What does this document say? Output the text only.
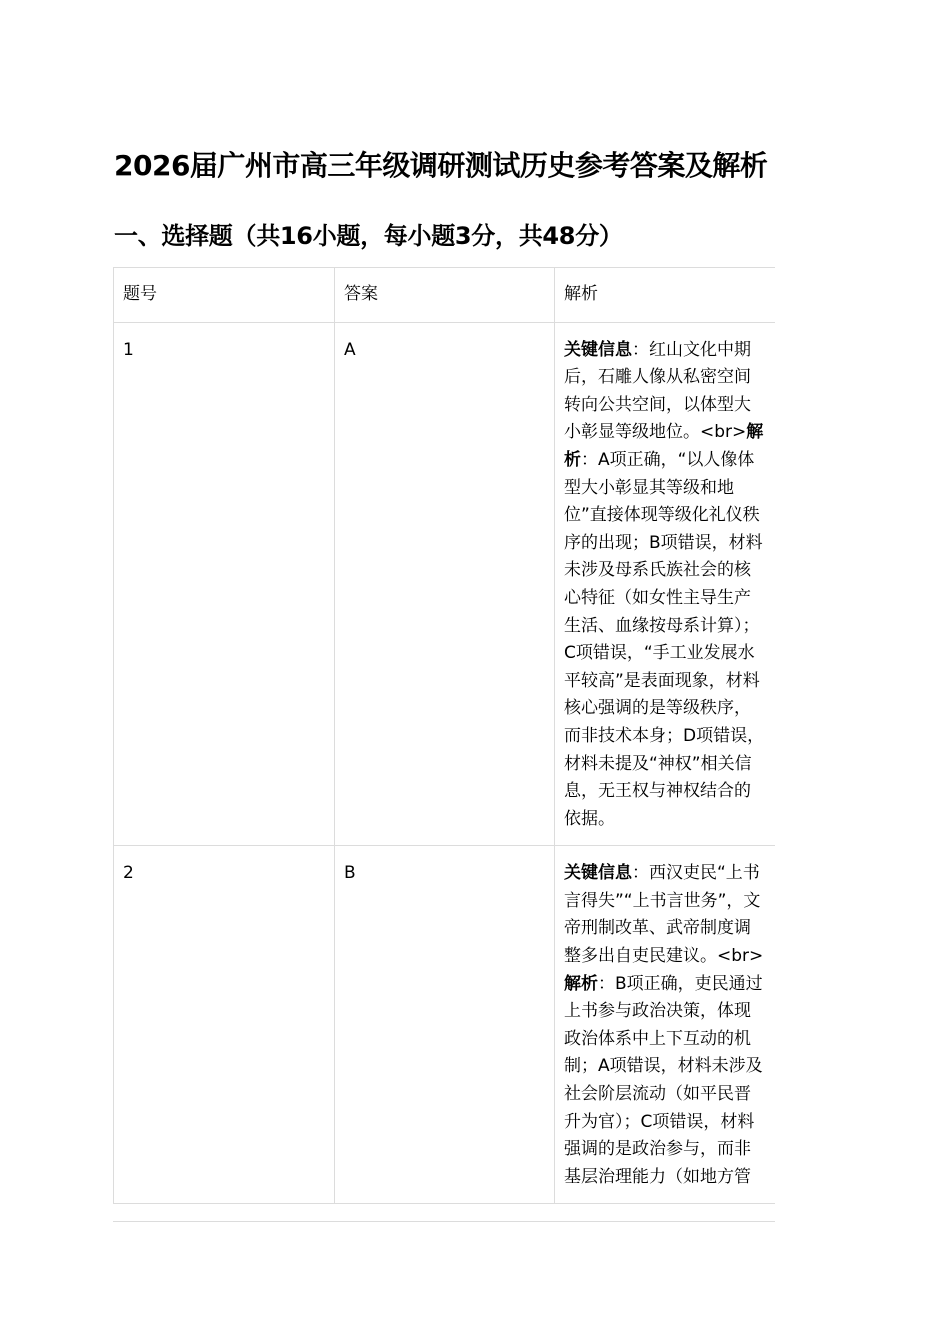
2026届广州市高三年级调研测试历史参考答案及解析
一、选择题（共16小题，每小题3分，共48分）
题号	答案	解析
1	A	关键信息：红山文化中期后，石雕人像从私密空间转向公共空间，以体型大小彰显等级地位。<br>解析：A项正确，“以人像体型大小彰显其等级和地位”直接体现等级化礼仪秩序的出现；B项错误，材料未涉及母系氏族社会的核心特征（如女性主导生产生活、血缘按母系计算）；C项错误，“手工业发展水平较高”是表面现象，材料核心强调的是等级秩序，而非技术本身；D项错误，材料未提及“神权”相关信息，无王权与神权结合的依据。
2	B	关键信息：西汉吏民“上书言得失”“上书言世务”，文帝刑制改革、武帝制度调整多出自吏民建议。<br>解析：B项正确，吏民通过上书参与政治决策，体现政治体系中上下互动的机制；A项错误，材料未涉及社会阶层流动（如平民晋升为官）；C项错误，材料强调的是政治参与，而非基层治理能力（如地方管
